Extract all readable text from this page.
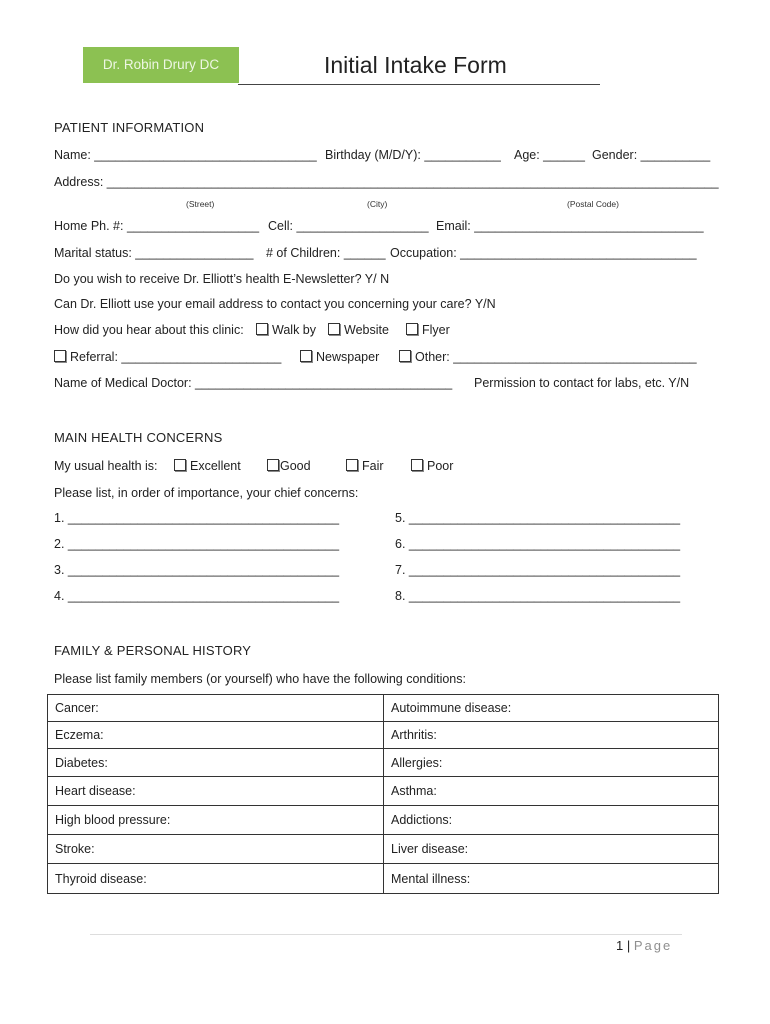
Dr. Robin Drury DC	Initial Intake Form
PATIENT INFORMATION
Name: ________________________________ Birthday (M/D/Y): ___________ Age: ______ Gender: __________
Address: ________________________________________________________________________________________
(Street)	(City)	(Postal Code)
Home Ph. #: ___________________ Cell: ___________________ Email: _________________________________
Marital status: _________________ # of Children: ______ Occupation: __________________________________
Do you wish to receive Dr. Elliott’s health E-Newsletter? Y/ N
Can Dr. Elliott use your email address to contact you concerning your care? Y/N
How did you hear about this clinic:	Walk by	Website	Flyer
Referral: _______________________	Newspaper	Other: ___________________________________
Name of Medical Doctor: _____________________________________ Permission to contact for labs, etc. Y/N
MAIN HEALTH CONCERNS
My usual health is:	Excellent	Good	Fair	Poor
Please list, in order of importance, your chief concerns:
1. _______________________________________
2. _______________________________________
3. _______________________________________
4. _______________________________________
5. _______________________________________
6. _______________________________________
7. _______________________________________
8. _______________________________________
FAMILY & PERSONAL HISTORY
Please list family members (or yourself) who have the following conditions:
Cancer:	Autoimmune disease:
Eczema:	Arthritis:
Diabetes:	Allergies:
Heart disease:	Asthma:
High blood pressure:	Addictions:
Stroke:	Liver disease:
Thyroid disease:	Mental illness:
1 | Page
